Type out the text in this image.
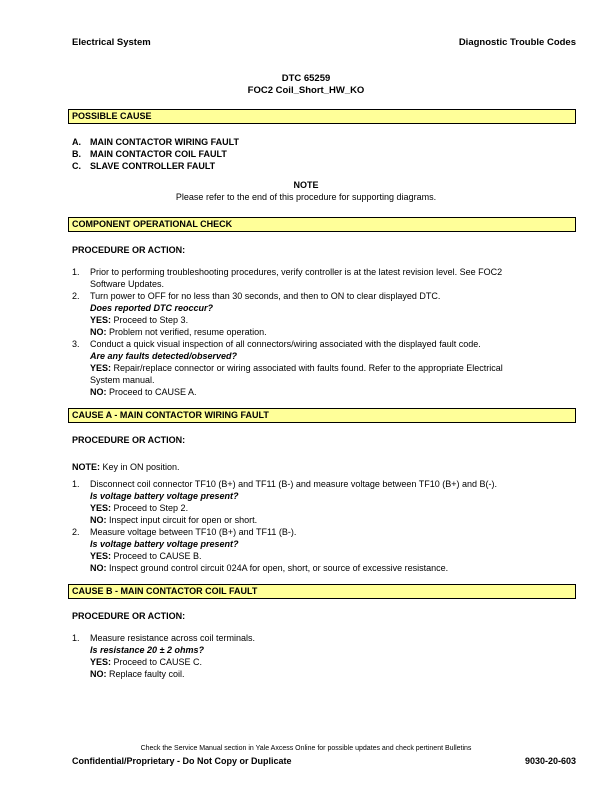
Electrical System	Diagnostic Trouble Codes
DTC 65259
FOC2 Coil_Short_HW_KO
POSSIBLE CAUSE
A. MAIN CONTACTOR WIRING FAULT
B. MAIN CONTACTOR COIL FAULT
C. SLAVE CONTROLLER FAULT
NOTE
Please refer to the end of this procedure for supporting diagrams.
COMPONENT OPERATIONAL CHECK
PROCEDURE OR ACTION:
1. Prior to performing troubleshooting procedures, verify controller is at the latest revision level. See FOC2
Software Updates.
2. Turn power to OFF for no less than 30 seconds, and then to ON to clear displayed DTC.
Does reported DTC reoccur?
YES: Proceed to Step 3.
NO: Problem not verified, resume operation.
3. Conduct a quick visual inspection of all connectors/wiring associated with the displayed fault code.
Are any faults detected/observed?
YES: Repair/replace connector or wiring associated with faults found. Refer to the appropriate Electrical
System manual.
NO: Proceed to CAUSE A.
CAUSE A - MAIN CONTACTOR WIRING FAULT
PROCEDURE OR ACTION:
NOTE: Key in ON position.
1. Disconnect coil connector TF10 (B+) and TF11 (B-) and measure voltage between TF10 (B+) and B(-).
Is voltage battery voltage present?
YES: Proceed to Step 2.
NO: Inspect input circuit for open or short.
2. Measure voltage between TF10 (B+) and TF11 (B-).
Is voltage battery voltage present?
YES: Proceed to CAUSE B.
NO: Inspect ground control circuit 024A for open, short, or source of excessive resistance.
CAUSE B - MAIN CONTACTOR COIL FAULT
PROCEDURE OR ACTION:
1. Measure resistance across coil terminals.
Is resistance 20 ± 2 ohms?
YES: Proceed to CAUSE C.
NO: Replace faulty coil.
Check the Service Manual section in Yale Axcess Online for possible updates and check pertinent Bulletins
Confidential/Proprietary - Do Not Copy or Duplicate	9030-20-603
